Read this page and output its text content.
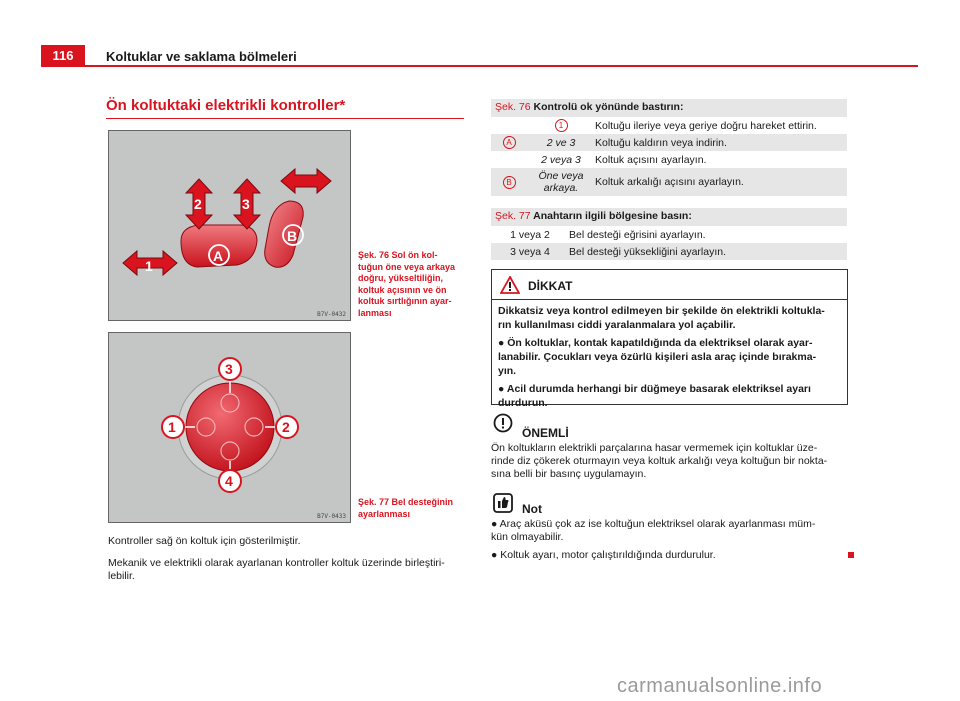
116	Koltuklar ve saklama bölmeleri
Ön koltuktaki elektrikli kontroller*
1
2	3
A
B
B7V-0432
Şek. 76 Sol ön kol-
tuğun öne veya arkaya
doğru, yükseltiliğin,
koltuk açısının ve ön
koltuk sırtlığının ayar-
lanması
3
1	2
4
B7V-0433
Şek. 77 Bel desteğinin
ayarlanması
Kontroller sağ ön koltuk için gösterilmiştir.
Mekanik ve elektrikli olarak ayarlanan kontroller koltuk üzerinde birleştiri-
lebilir.
Şek. 76 Kontrolü ok yönünde bastırın:
	1	Koltuğu ileriye veya geriye doğru hareket ettirin.
A	2 ve 3	Koltuğu kaldırın veya indirin.
	2 veya 3	Koltuk açısını ayarlayın.
B	Öne veya arkaya.	Koltuk arkalığı açısını ayarlayın.
Şek. 77 Anahtarın ilgili bölgesine basın:
1 veya 2	Bel desteği eğrisini ayarlayın.
3 veya 4	Bel desteği yüksekliğini ayarlayın.
DİKKAT

Dikkatsiz veya kontrol edilmeyen bir şekilde ön elektrikli koltukla-
rın kullanılması ciddi yaralanmalara yol açabilir.

● Ön koltuklar, kontak kapatıldığında da elektriksel olarak ayar-
lanabilir. Çocukları veya özürlü kişileri asla araç içinde bırakma-
yın.

● Acil durumda herhangi bir düğmeye basarak elektriksel ayarı
durdurun.

ÖNEMLİ
Ön koltukların elektrikli parçalarına hasar vermemek için koltuklar üze-
rinde diz çökerek oturmayın veya koltuk arkalığı veya koltuğun bir nokta-
sına belli bir basınç uygulamayın.
Not
● Araç aküsü çok az ise koltuğun elektriksel olarak ayarlanması müm-
kün olmayabilir.
● Koltuk ayarı, motor çalıştırıldığında durdurulur.
carmanualsonline.info
